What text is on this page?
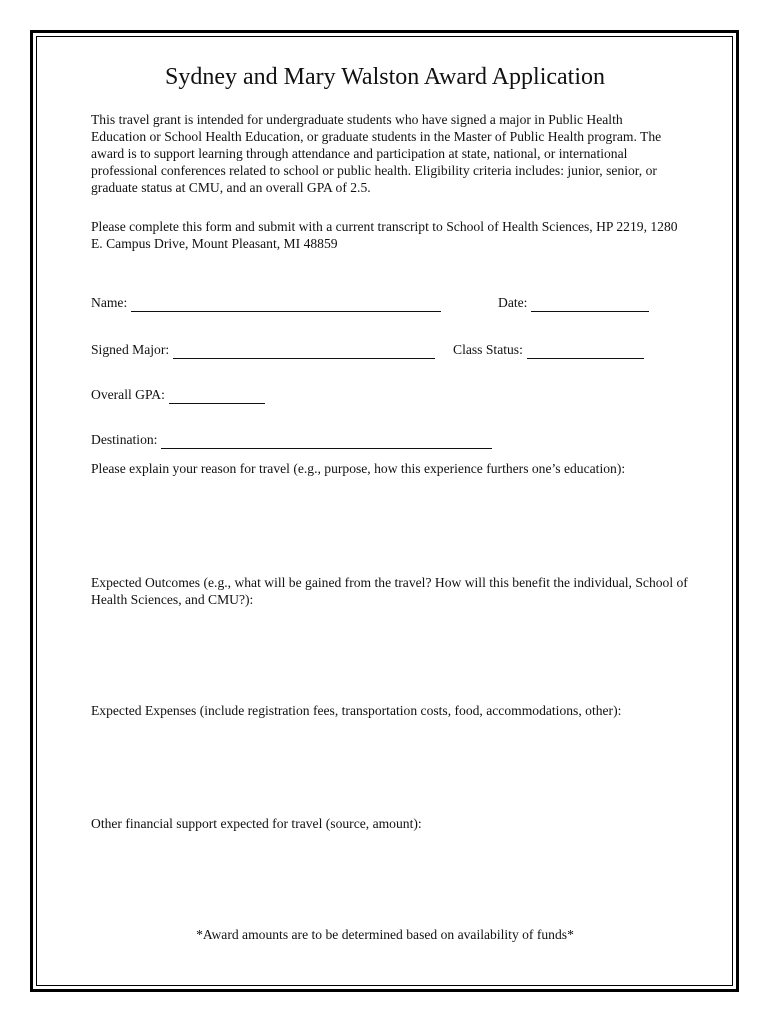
Sydney and Mary Walston Award Application

This travel grant is intended for undergraduate students who have signed a major in Public Health Education or School Health Education, or graduate students in the Master of Public Health program. The award is to support learning through attendance and participation at state, national, or international professional conferences related to school or public health. Eligibility criteria includes: junior, senior, or graduate status at CMU, and an overall GPA of 2.5.

Please complete this form and submit with a current transcript to School of Health Sciences, HP 2219, 1280 E. Campus Drive, Mount Pleasant, MI 48859

Name:	Date:
Signed Major:	Class Status:
Overall GPA:
Destination:

Please explain your reason for travel (e.g., purpose, how this experience furthers one’s education):

Expected Outcomes (e.g., what will be gained from the travel? How will this benefit the individual, School of Health Sciences, and CMU?):

Expected Expenses (include registration fees, transportation costs, food, accommodations, other):

Other financial support expected for travel (source, amount):

*Award amounts are to be determined based on availability of funds*
